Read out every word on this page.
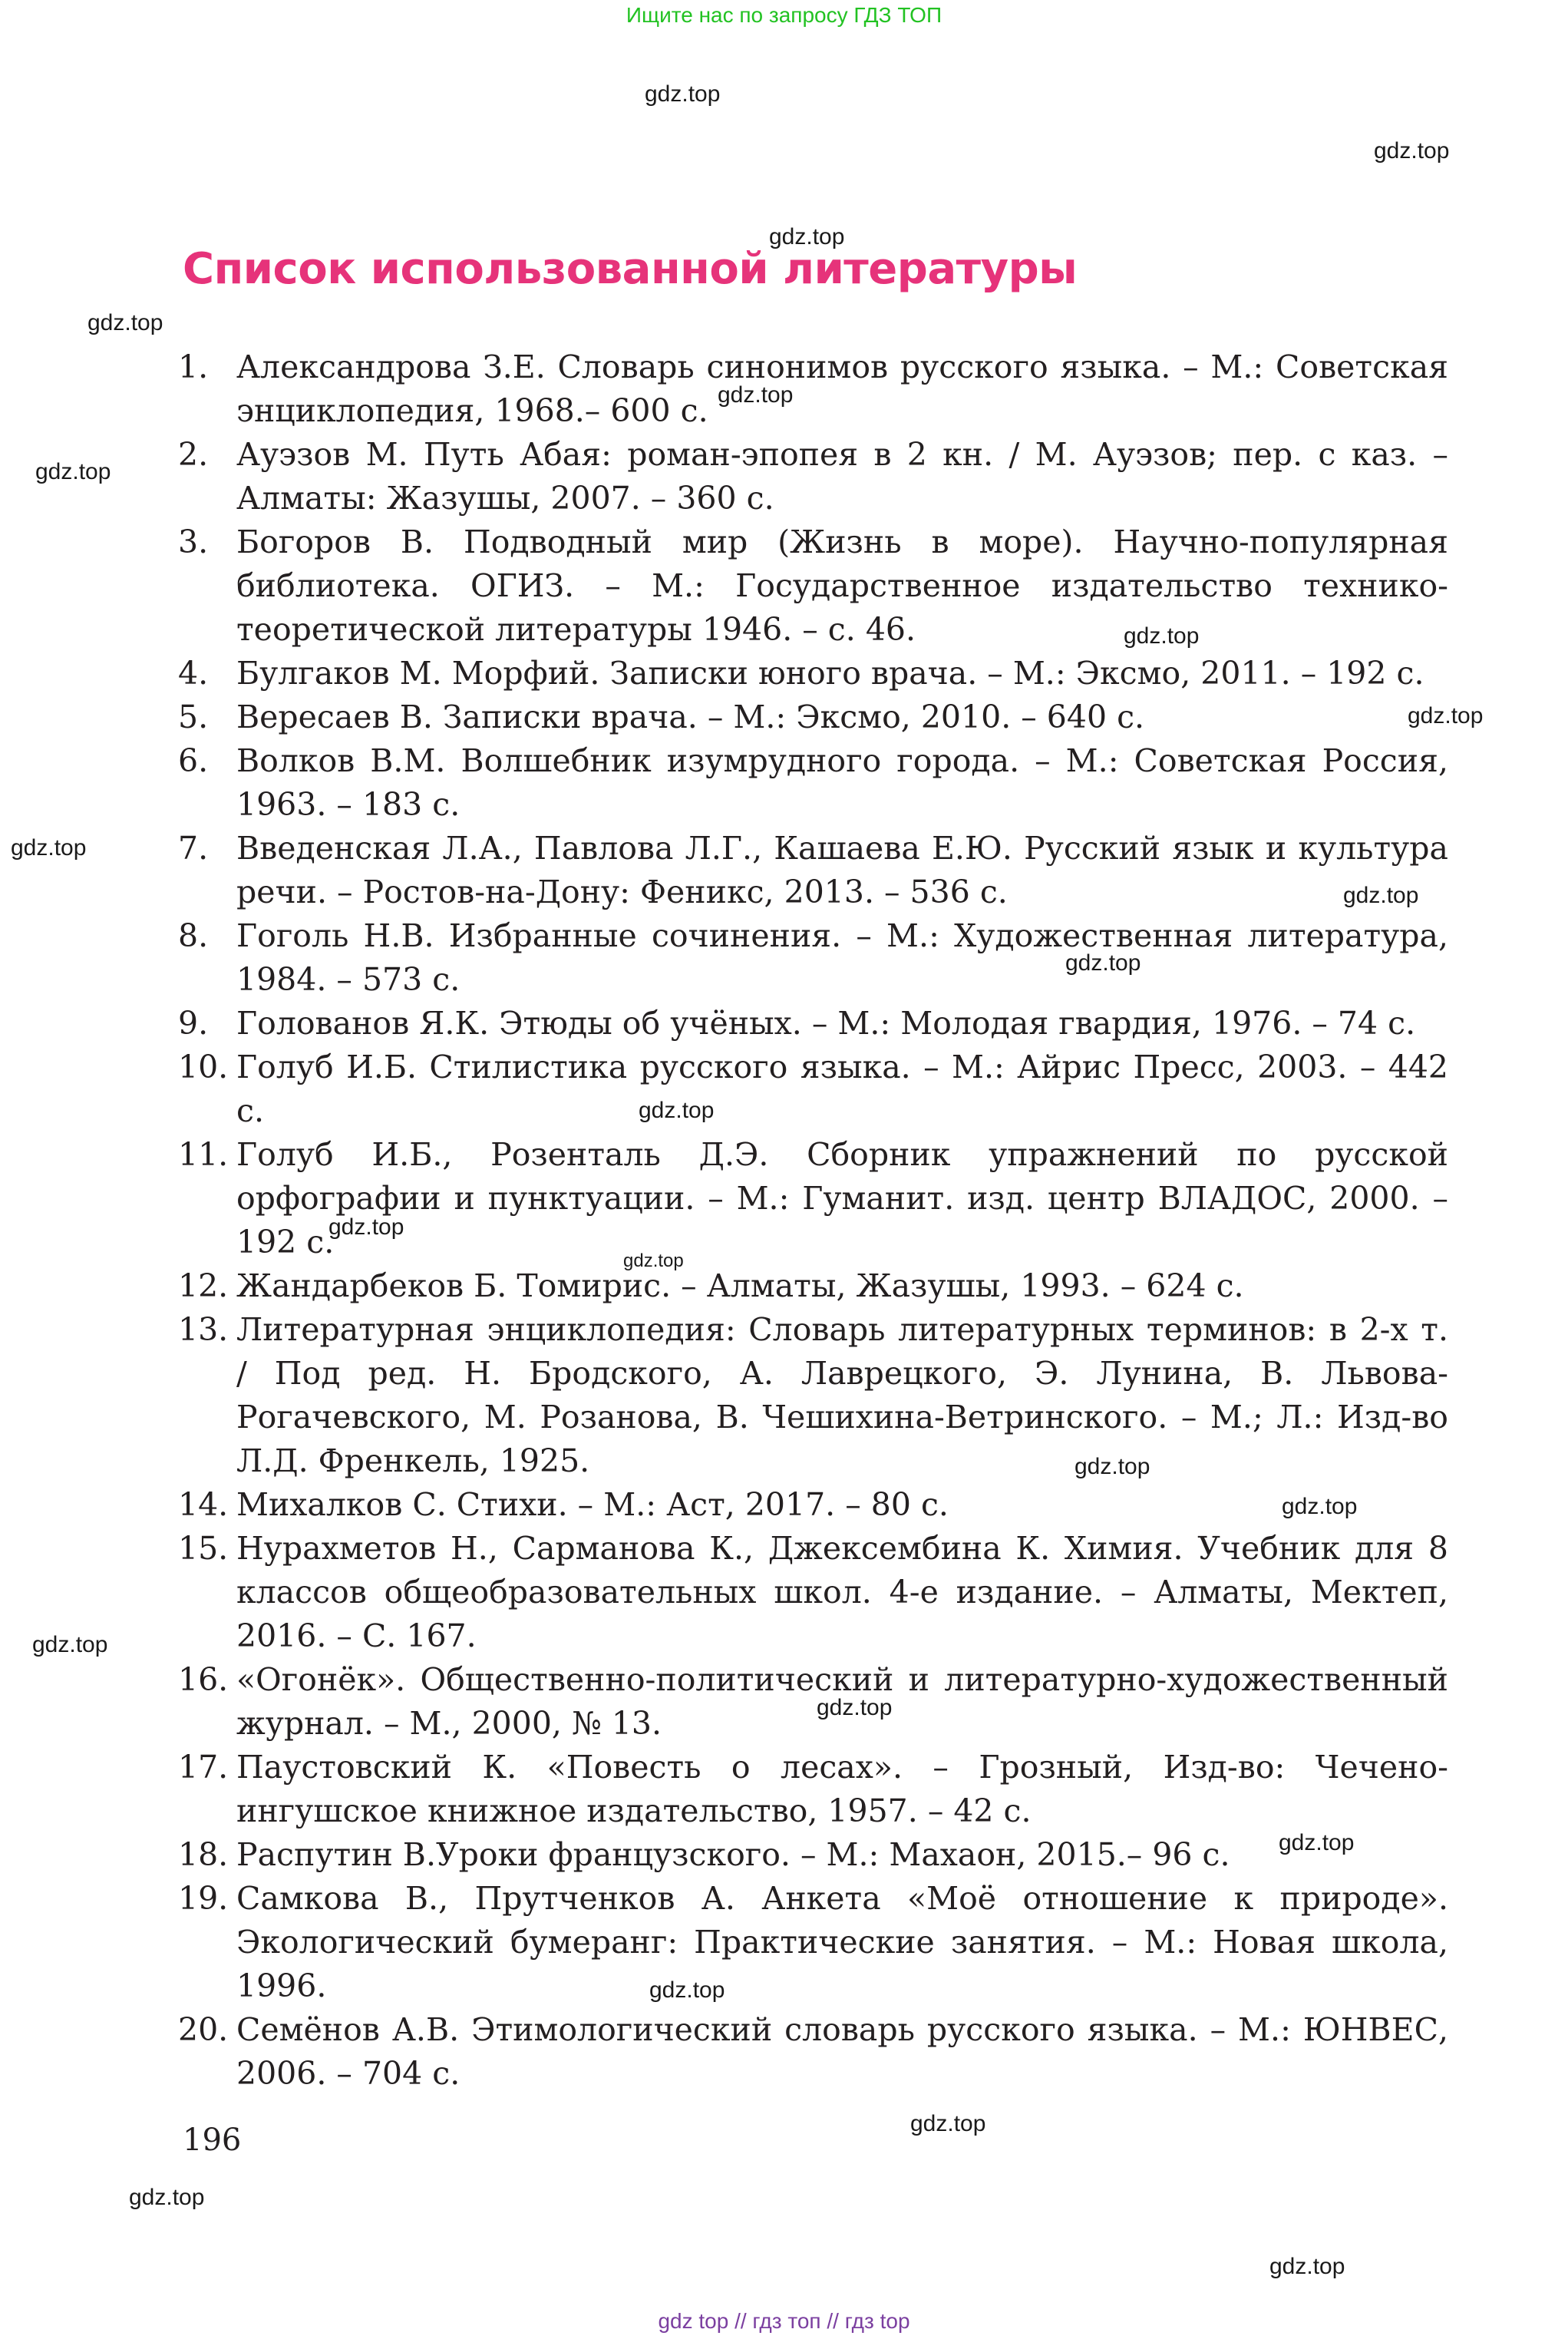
Ищите нас по запросу ГДЗ ТОП
Список использованной литературы
1. Александрова З.Е. Словарь синонимов русского языка. – М.: Советская энциклопедия, 1968.– 600 с.
2. Ауэзов М. Путь Абая: роман-эпопея в 2 кн. / М. Ауэзов; пер. с каз. – Алматы: Жазушы, 2007. – 360 с.
3. Богоров В. Подводный мир (Жизнь в море). Научно-популярная библиотека. ОГИЗ. – М.: Государственное издательство технико-теоретической литературы 1946. – с. 46.
4. Булгаков М. Морфий. Записки юного врача. – М.: Эксмо, 2011. – 192 с.
5. Вересаев В. Записки врача. – М.: Эксмо, 2010. – 640 с.
6. Волков В.М. Волшебник изумрудного города. – М.: Советская Россия, 1963. – 183 с.
7. Введенская Л.А., Павлова Л.Г., Кашаева Е.Ю. Русский язык и культура речи. – Ростов-на-Дону: Феникс, 2013. – 536 с.
8. Гоголь Н.В. Избранные сочинения. – М.: Художественная литература, 1984. – 573 с.
9. Голованов Я.К. Этюды об учёных. – М.: Молодая гвардия, 1976. – 74 с.
10. Голуб И.Б. Стилистика русского языка. – М.: Айрис Пресс, 2003. – 442 с.
11. Голуб И.Б., Розенталь Д.Э. Сборник упражнений по русской орфографии и пунктуации. – М.: Гуманит. изд. центр ВЛАДОС, 2000. – 192 с.
12. Жандарбеков Б. Томирис. – Алматы, Жазушы, 1993. – 624 с.
13. Литературная энциклопедия: Словарь литературных терминов: в 2-х т. / Под ред. Н. Бродского, А. Лаврецкого, Э. Лунина, В. Львова-Рогачевского, М. Розанова, В. Чешихина-Ветринского. – М.; Л.: Изд-во Л.Д. Френкель, 1925.
14. Михалков С. Стихи. – М.: Аст, 2017. – 80 с.
15. Нурахметов Н., Сарманова К., Джексембина К. Химия. Учебник для 8 классов общеобразовательных школ. 4-е издание. – Алматы, Мектеп, 2016. – С. 167.
16. «Огонёк». Общественно-политический и литературно-художественный журнал. – М., 2000, № 13.
17. Паустовский К. «Повесть о лесах». – Грозный, Изд-во: Чечено-ингушское книжное издательство, 1957. – 42 с.
18. Распутин В.Уроки французского. – М.: Махаон, 2015.– 96 с.
19. Самкова В., Прутченков А. Анкета «Моё отношение к природе». Экологический бумеранг: Практические занятия. – М.: Новая школа, 1996.
20. Семёнов А.В. Этимологический словарь русского языка. – М.: ЮНВЕС, 2006. – 704 с.
196
gdz.top
gdz.top
gdz.top
gdz.top
gdz.top
gdz.top
gdz.top
gdz.top
gdz.top
gdz.top
gdz.top
gdz.top
gdz.top
gdz.top
gdz.top
gdz.top
gdz.top
gdz.top
gdz.top
gdz.top
gdz.top
gdz.top
gdz.top
gdz top // гдз топ // гдз top
